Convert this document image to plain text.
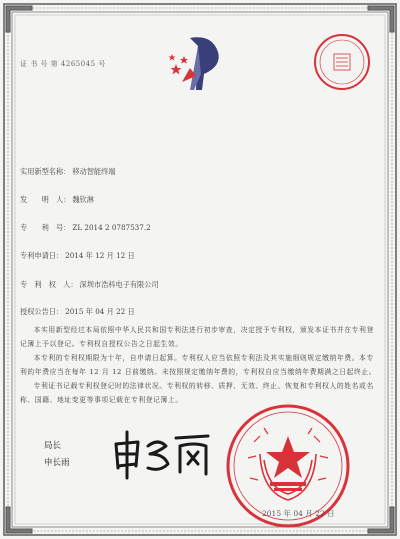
证 书 号 第 4265045 号
实用新型名称： 移动智能终端
发　　明　人： 魏钦淋
专　　利　号： ZL 2014 2 0787537.2
专利申请日： 2014 年 12 月 12 日
专　利　权　人： 深圳市浩科电子有限公司
授权公告日： 2015 年 04 月 22 日
本实用新型经过本局依照中华人民共和国专利法进行初步审查，决定授予专利权，颁发本证书并在专利登记簿上予以登记。专利权自授权公告之日起生效。
本专利的专利权期限为十年，自申请日起算。专利权人应当依照专利法及其实施细则规定缴纳年费。本专利的年费应当在每年 12 月 12 日前缴纳。未按照规定缴纳年费的，专利权自应当缴纳年费期满之日起终止。
专利证书记载专利权登记时的法律状况。专利权的转移、质押、无效、终止、恢复和专利权人的姓名或名称、国籍、地址变更等事项记载在专利登记簿上。
局长
申长雨
2015 年 04 月 22 日
